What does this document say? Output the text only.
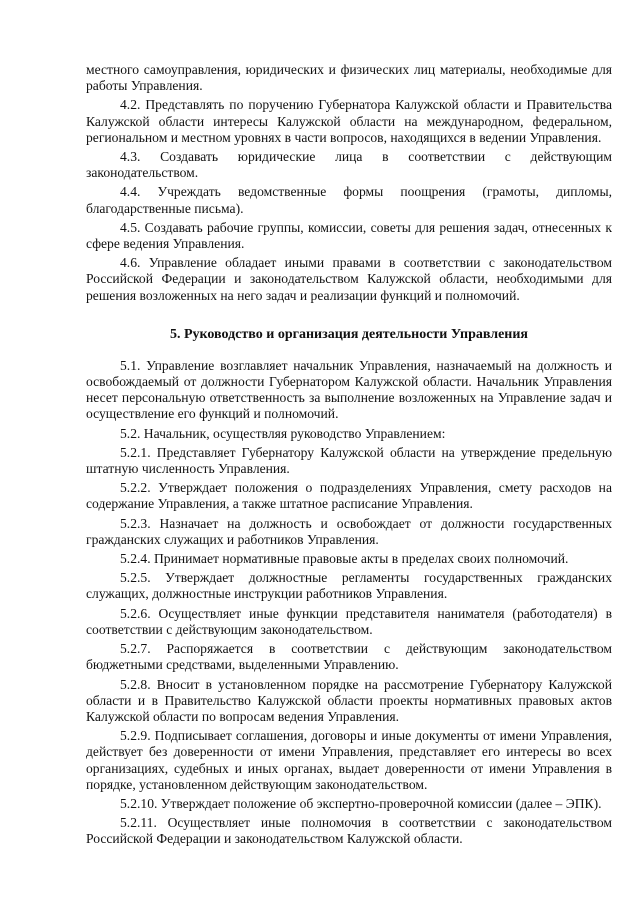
местного самоуправления, юридических и физических лиц материалы, необходимые для работы Управления.

4.2. Представлять по поручению Губернатора Калужской области и Правительства Калужской области интересы Калужской области на международном, федеральном, региональном и местном уровнях в части вопросов, находящихся в ведении Управления.

4.3. Создавать юридические лица в соответствии с действующим законодательством.

4.4. Учреждать ведомственные формы поощрения (грамоты, дипломы, благодарственные письма).

4.5. Создавать рабочие группы, комиссии, советы для решения задач, отнесенных к сфере ведения Управления.

4.6. Управление обладает иными правами в соответствии с законодательством Российской Федерации и законодательством Калужской области, необходимыми для решения возложенных на него задач и реализации функций и полномочий.

5. Руководство и организация деятельности Управления

5.1. Управление возглавляет начальник Управления, назначаемый на должность и освобождаемый от должности Губернатором Калужской области. Начальник Управления несет персональную ответственность за выполнение возложенных на Управление задач и осуществление его функций и полномочий.

5.2. Начальник, осуществляя руководство Управлением:

5.2.1. Представляет Губернатору Калужской области на утверждение предельную штатную численность Управления.

5.2.2. Утверждает положения о подразделениях Управления, смету расходов на содержание Управления, а также штатное расписание Управления.

5.2.3. Назначает на должность и освобождает от должности государственных гражданских служащих и работников Управления.

5.2.4. Принимает нормативные правовые акты в пределах своих полномочий.

5.2.5. Утверждает должностные регламенты государственных гражданских служащих, должностные инструкции работников Управления.

5.2.6. Осуществляет иные функции представителя нанимателя (работодателя) в соответствии с действующим законодательством.

5.2.7. Распоряжается в соответствии с действующим законодательством бюджетными средствами, выделенными Управлению.

5.2.8. Вносит в установленном порядке на рассмотрение Губернатору Калужской области и в Правительство Калужской области проекты нормативных правовых актов Калужской области по вопросам ведения Управления.

5.2.9. Подписывает соглашения, договоры и иные документы от имени Управления, действует без доверенности от имени Управления, представляет его интересы во всех организациях, судебных и иных органах, выдает доверенности от имени Управления в порядке, установленном действующим законодательством.

5.2.10. Утверждает положение об экспертно-проверочной комиссии (далее – ЭПК).

5.2.11. Осуществляет иные полномочия в соответствии с законодательством Российской Федерации и законодательством Калужской области.
